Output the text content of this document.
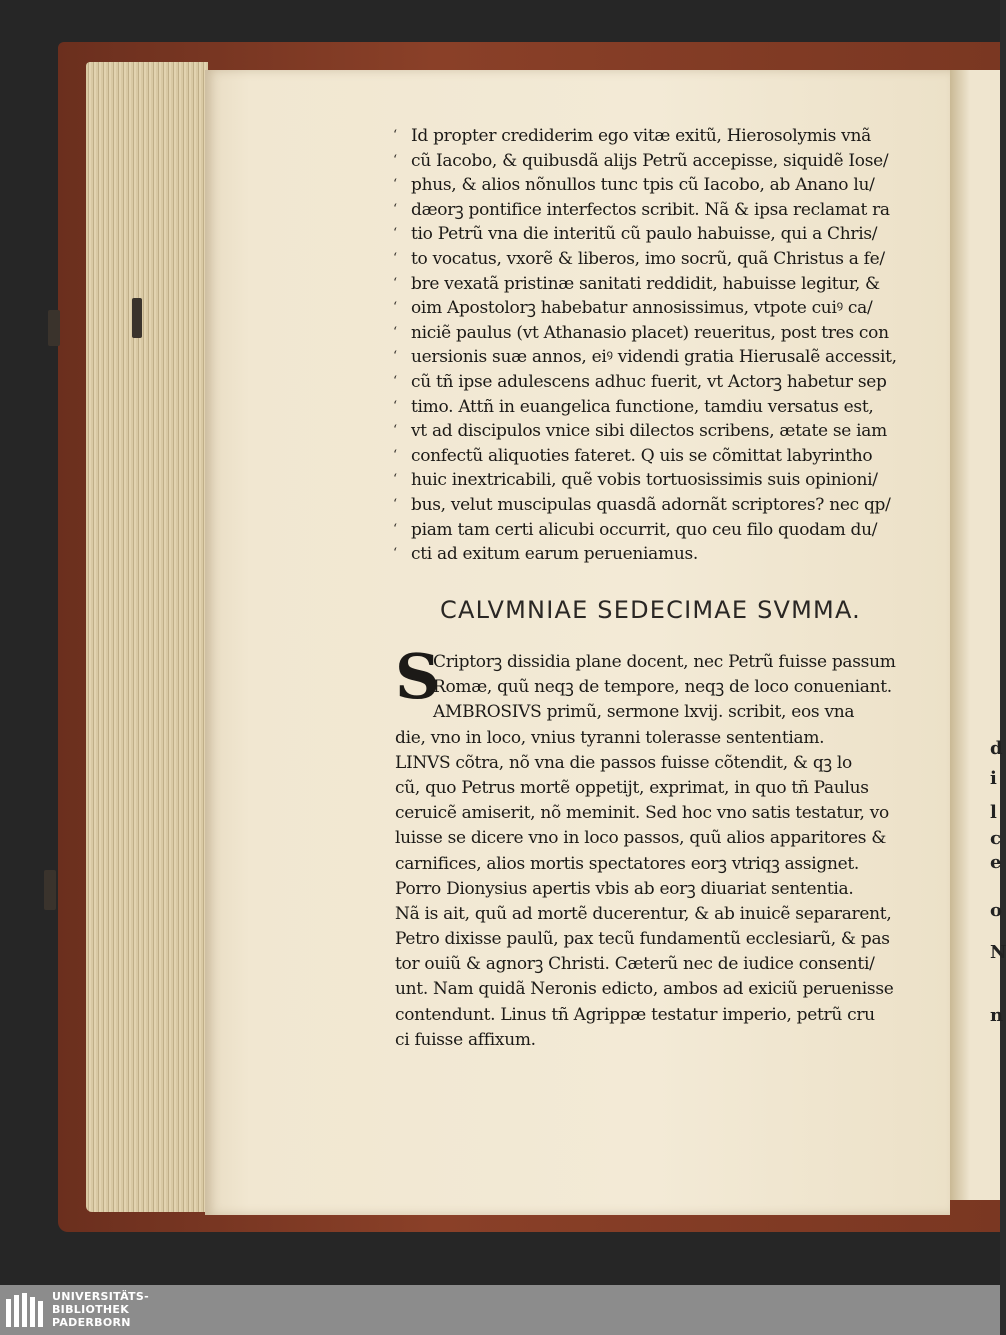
d
i
l
c
e
o
N
n
‘ Id propter crediderim ego vitæ exitũ, Hierosolymis vnã
‘ cũ Iacobo, & quibusdã alijs Petrũ accepisse, siquidẽ Iose/
‘ phus, & alios nõnullos tunc tpis cũ Iacobo, ab Anano lu/
‘ dæorꝫ pontifice interfectos scribit. Nã & ipsa reclamat ra
‘ tio Petrũ vna die interitũ cũ paulo habuisse, qui a Chris/
‘ to vocatus, vxorẽ & liberos, imo socrũ, quã Christus a fe/
‘ bre vexatã pristinæ sanitati reddidit, habuisse legitur, &
‘ oim Apostolorꝫ habebatur annosissimus, vtpote cuiꝰ ca/
‘ niciẽ paulus (vt Athanasio placet) reueritus, post tres con
‘ uersionis suæ annos, eiꝰ videndi gratia Hierusalẽ accessit,
‘ cũ tñ ipse adulescens adhuc fuerit, vt Actorꝫ habetur sep
‘ timo. Attñ in euangelica functione, tamdiu versatus est,
‘ vt ad discipulos vnice sibi dilectos scribens, ætate se iam
‘ confectũ aliquoties fateret. Q uis se cõmittat labyrintho
‘ huic inextricabili, quẽ vobis tortuosissimis suis opinioni/
‘ bus, velut muscipulas quasdã adornãt scriptores? nec qp/
‘ piam tam certi alicubi occurrit, quo ceu filo quodam du/
‘ cti ad exitum earum perueniamus.
CALVMNIAE SEDECIMAE SVMMA.
S
Criptorꝫ dissidia plane docent, nec Petrũ fuisse passum
Romæ, quũ neqꝫ de tempore, neqꝫ de loco conueniant.
AMBROSIVS primũ, sermone lxvij. scribit, eos vna
die, vno in loco, vnius tyranni tolerasse sententiam.
LINVS cõtra, nõ vna die passos fuisse cõtendit, & qꝫ lo
cũ, quo Petrus mortẽ oppetijt, exprimat, in quo tñ Paulus
ceruicẽ amiserit, nõ meminit. Sed hoc vno satis testatur, vo
luisse se dicere vno in loco passos, quũ alios apparitores &
carnifices, alios mortis spectatores eorꝫ vtriqꝫ assignet.
Porro Dionysius apertis vbis ab eorꝫ diuariat sententia.
Nã is ait, quũ ad mortẽ ducerentur, & ab inuicẽ separarent,
Petro dixisse paulũ, pax tecũ fundamentũ ecclesiarũ, & pas
tor ouiũ & agnorꝫ Christi. Cæterũ nec de iudice consenti/
unt. Nam quidã Neronis edicto, ambos ad exiciũ peruenisse
contendunt. Linus tñ Agrippæ testatur imperio, petrũ cru
ci fuisse affixum.
UNIVERSITÄTS-
BIBLIOTHEK
PADERBORN
